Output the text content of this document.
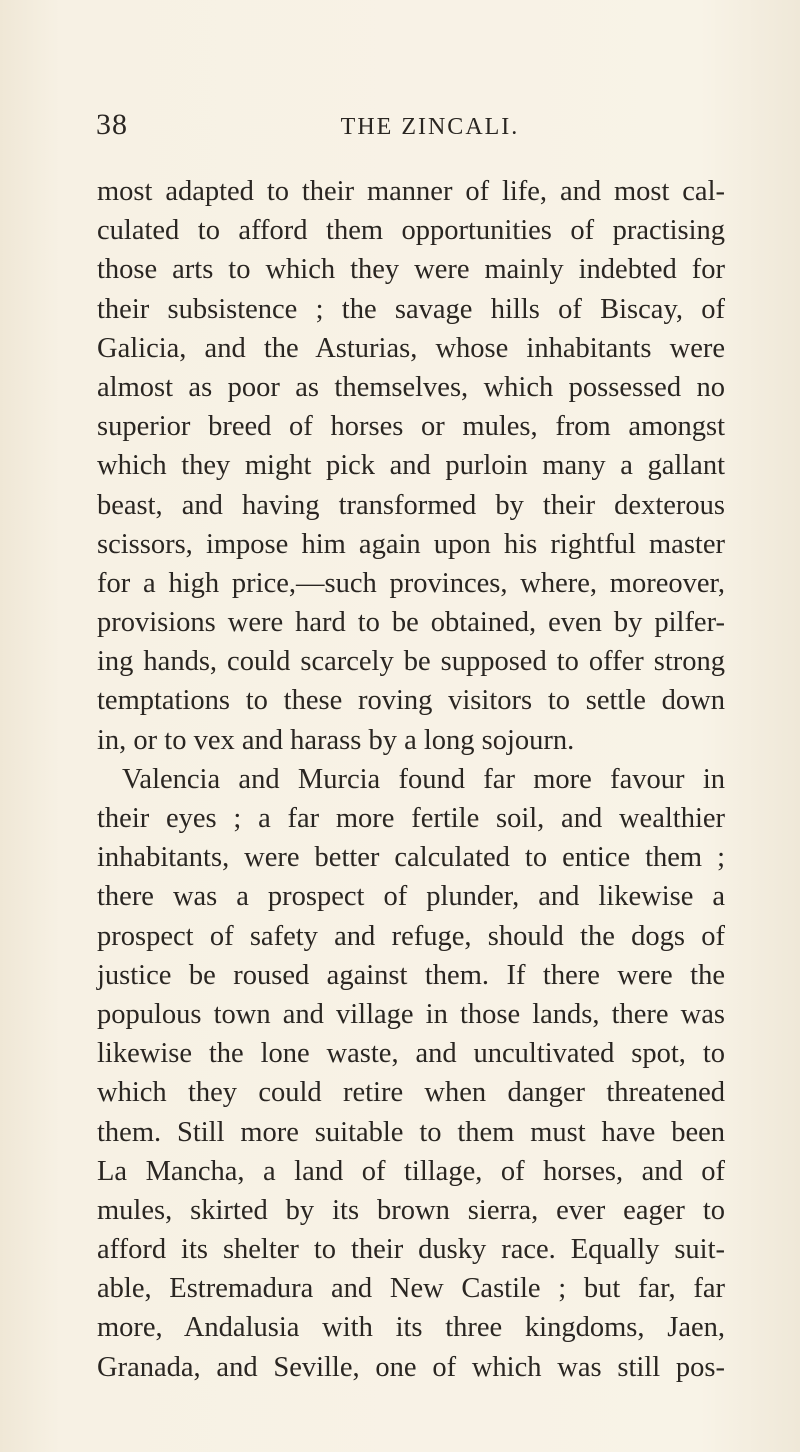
38	THE ZINCALI.
most adapted to their manner of life, and most cal-
culated to afford them opportunities of practising
those arts to which they were mainly indebted for
their subsistence ; the savage hills of Biscay, of
Galicia, and the Asturias, whose inhabitants were
almost as poor as themselves, which possessed no
superior breed of horses or mules, from amongst
which they might pick and purloin many a gallant
beast, and having transformed by their dexterous
scissors, impose him again upon his rightful master
for a high price,—such provinces, where, moreover,
provisions were hard to be obtained, even by pilfer-
ing hands, could scarcely be supposed to offer strong
temptations to these roving visitors to settle down
in, or to vex and harass by a long sojourn.
Valencia and Murcia found far more favour in
their eyes ; a far more fertile soil, and wealthier
inhabitants, were better calculated to entice them ;
there was a prospect of plunder, and likewise a
prospect of safety and refuge, should the dogs of
justice be roused against them. If there were the
populous town and village in those lands, there was
likewise the lone waste, and uncultivated spot, to
which they could retire when danger threatened
them. Still more suitable to them must have been
La Mancha, a land of tillage, of horses, and of
mules, skirted by its brown sierra, ever eager to
afford its shelter to their dusky race. Equally suit-
able, Estremadura and New Castile ; but far, far
more, Andalusia with its three kingdoms, Jaen,
Granada, and Seville, one of which was still pos-
